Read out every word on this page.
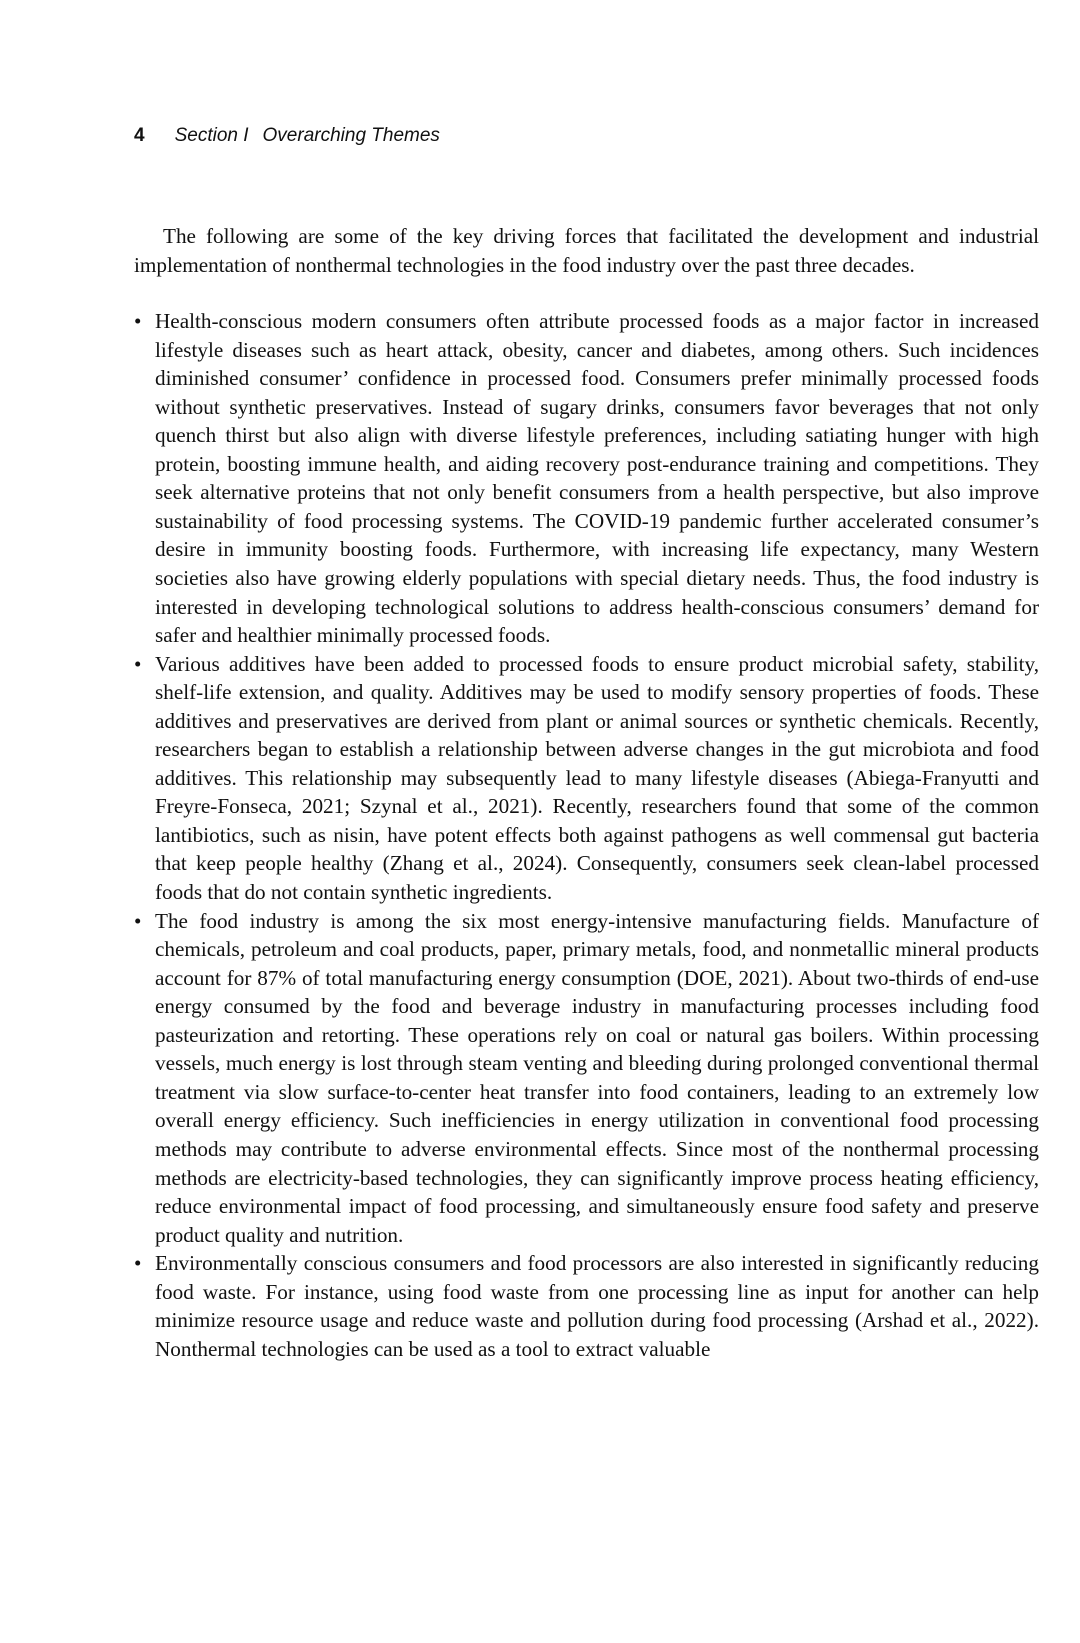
4 Section I Overarching Themes

The following are some of the key driving forces that facilitated the development and industrial implementation of nonthermal technologies in the food industry over the past three decades.

• Health-conscious modern consumers often attribute processed foods as a major factor in increased lifestyle diseases such as heart attack, obesity, cancer and diabetes, among others. Such incidences diminished consumer’ confidence in processed food. Consumers prefer minimally processed foods without synthetic preservatives. Instead of sugary drinks, consumers favor beverages that not only quench thirst but also align with diverse lifestyle preferences, including satiating hunger with high protein, boosting immune health, and aiding recovery post-endurance training and competitions. They seek alternative proteins that not only benefit consumers from a health perspective, but also improve sustainability of food processing systems. The COVID-19 pandemic further accelerated consumer’s desire in immunity boosting foods. Furthermore, with increasing life expectancy, many Western societies also have growing elderly populations with special dietary needs. Thus, the food industry is interested in developing technological solutions to address health-conscious consumers’ demand for safer and healthier minimally processed foods.
• Various additives have been added to processed foods to ensure product microbial safety, stability, shelf-life extension, and quality. Additives may be used to modify sensory properties of foods. These additives and preservatives are derived from plant or animal sources or synthetic chemicals. Recently, researchers began to establish a relationship between adverse changes in the gut microbiota and food additives. This relationship may subsequently lead to many lifestyle diseases (Abiega-Franyutti and Freyre-Fonseca, 2021; Szynal et al., 2021). Recently, researchers found that some of the common lantibiotics, such as nisin, have potent effects both against pathogens as well commensal gut bacteria that keep people healthy (Zhang et al., 2024). Consequently, consumers seek clean-label processed foods that do not contain synthetic ingredients.
• The food industry is among the six most energy-intensive manufacturing fields. Manufacture of chemicals, petroleum and coal products, paper, primary metals, food, and nonmetallic mineral products account for 87% of total manufacturing energy consumption (DOE, 2021). About two-thirds of end-use energy consumed by the food and beverage industry in manufacturing processes including food pasteurization and retorting. These operations rely on coal or natural gas boilers. Within processing vessels, much energy is lost through steam venting and bleeding during prolonged conventional thermal treatment via slow surface-to-center heat transfer into food containers, leading to an extremely low overall energy efficiency. Such inefficiencies in energy utilization in conventional food processing methods may contribute to adverse environmental effects. Since most of the nonthermal processing methods are electricity-based technologies, they can significantly improve process heating efficiency, reduce environmental impact of food processing, and simultaneously ensure food safety and preserve product quality and nutrition.
• Environmentally conscious consumers and food processors are also interested in significantly reducing food waste. For instance, using food waste from one processing line as input for another can help minimize resource usage and reduce waste and pollution during food processing (Arshad et al., 2022). Nonthermal technologies can be used as a tool to extract valuable
